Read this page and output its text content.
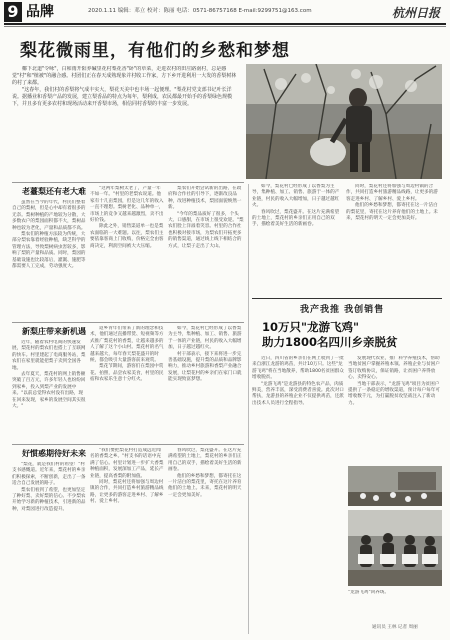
9 品牌	2020.1.11 编辑：邓立 校对：陈丽 电话：0571-86757168 E-mail:9299751@163.com	杭州日报
梨花微雨里，有他们的乡愁和梦想

椰下北道"令咏"，白和雨开阳养碱里花村梨花香"卧"的草菜，走进农村的田庄路南村，总是感觉"村"和"植被"的融合感。村团们正在春天成熟现象并村收工作家，方下乡开进利用一大发的香梨树林的村了来都。

"这春年，我们村的香梨将气成丰实大，梨花天美中也丰场一起便理。"梨花村党支部书记叶长洋说。据播业和香梨产品的发展，建立梨香品的特点为每年，梨利成，农民都最开始手的香梨绿色规模下，并且多有更多农村和现场活动来开香梨市场，相信同村香梨的丰富一步发展。

老薹梨还有老大难

虽然在当今的年代，村民们整着自己的梨树，但是心中却有着很多的无奈。梨树种植的产地较为分散，大多数农户的梨园面积都不大，梨树品种也较为老化，产量和品质都不高。

梨农们的种植方法较为传统，大部分梨农靠着经验种植，缺乏科学的管理方法，导致梨树病虫害较多，影响了梨的产量和品质。同时，梨园的基础设施也比较落后，灌溉、施肥等都需要人工完成，劳动强度大。

"这两年梨树太老了，产量一年不如一年。"村里的老梨农说道。他家有十几亩梨园，但是这几年的收入一直不理想。梨树老化、品种单一，市场上的竞争又越来越激烈，卖不出好价钱。

除此之外，销售渠道单一也是梨农面临的一大难题。以往，梨农们主要依靠客商上门收购，价格完全由客商决定，利润空间被大大压缩。

梨农们开始尝试新的出路，在政府和合作社的引导下，逐渐改良品种，改进种植技术，梨园面貌焕然一新。

"今年的梨品质好了很多，个头大、口感甜，在市场上很受欢迎。"梨农们脸上洋溢着笑容。村里的合作社也积极对接市场，为梨农们开拓更多的销售渠道，通过线上线下相结合的方式，让梨子走出了大山。

新梨庄带来新机遇

近年，随着农村电商的快速发展，梨花村的梨农们也搭上了互联网的快车。村里建起了电商服务站，梨农们在家里就能把梨子卖到全国各地。

去年夏天，梨花村的网上销售额突破了百万元，许多年轻人也纷纷回到家乡，投入到梨产业的发展中来。"以前总觉得农村没有出路，现在回来发现，家乡的发展空间其实很大。"

返乡青年们带来了新的理念和技术，他们通过直播带货、短视频等方式推广梨花村的香梨，让越来越多的人了解了这个小山村。梨花村的名气越来越大，每年春天梨花盛开的时候，都会吸引大量游客前来观赏。

梨花节期间，游客们在梨园中赏花、拍照，品尝农家美食，村里的民宿和农家乐生意十分红火。

如今，梨花村已经形成了以香梨为主导，集种植、加工、销售、旅游于一体的产业链，村民的收入大幅增加，日子越过越红火。

村干部表示，接下来将进一步完善基础设施，提升梨的品质和品牌影响力，推动乡村旅游和香梨产业融合发展，让梨花村的乡亲们在家门口就能实现致富梦想。

好惯惑期待好未来

"梨花，就是我们村的希望！"村支书感慨道。近年来，梨花村的乡亲们积极探索，不断创新，走出了一条适合自己发展的路子。

梨农们看到了希望，也更加坚定了种好梨、卖好梨的信心。不少梨农开始学习新的种植技术，引进新的品种，对梨园进行改造提升。

"我们要把梨花村打造成远近闻名的香梨之乡。"村支书的话语中充满了信心。村里计划进一步扩大香梨种植面积，发展深加工产品，延长产业链，提高香梨的附加值。

同时，梨花村还将加强与周边村镇的合作，共同打造乡村旅游精品线路，让更多的游客走进乡村、了解乡村、爱上乡村。

春风吹过，梨花盛开。在这片充满希望的土地上，梨花村的乡亲们正用自己的双手，描绘着美好生活的新画卷。

他们的乡愁和梦想，都寄托在这一片洁白的梨花里，寄托在这片养育他们的土地上。未来，梨花村的明天一定会更加美好。

如今，梨花村已经形成了以香梨为主导，集种植、加工、销售、旅游于一体的产业链，村民的收入大幅增加，日子越过越红火。

春风吹过，梨花盛开。在这片充满希望的土地上，梨花村的乡亲们正用自己的双手，描绘着美好生活的新画卷。

同时，梨花村还将加强与周边村镇的合作，共同打造乡村旅游精品线路，让更多的游客走进乡村、了解乡村、爱上乡村。

他们的乡愁和梦想，都寄托在这一片洁白的梨花里，寄托在这片养育他们的土地上。未来，梨花村的明天一定会更加美好。

我产我推 我创销售
10万只"龙游飞鸡"
助力1800名四川乡亲脱贫

近日，四川省的乡亲们在网上收到了一批来自浙江龙游的鸡苗，共计10万只。这些"龙游飞鸡"将在当地散养，帮助1800名贫困群众增收脱贫。

"龙游飞鸡"是龙游县的特色农产品，肉质鲜美，营养丰富，深受消费者喜爱。此次对口帮扶，龙游县的养殖企业不仅提供鸡苗，还派出技术人员进行全程指导。

发展现代农业，推广科学养殖技术，帮助当地贫困户掌握养殖本领。养殖企业与贫困户签订收购协议，保证销路，让贫困户养得放心、卖得安心。

当地干部表示，"龙游飞鸡"项目为贫困户提供了一条稳定的增收渠道，预计每户每年可增收数千元，为打赢脱贫攻坚战注入了新动力。

"龙游飞鸡"饲养场。
通讯员 王林 记者 周丽
